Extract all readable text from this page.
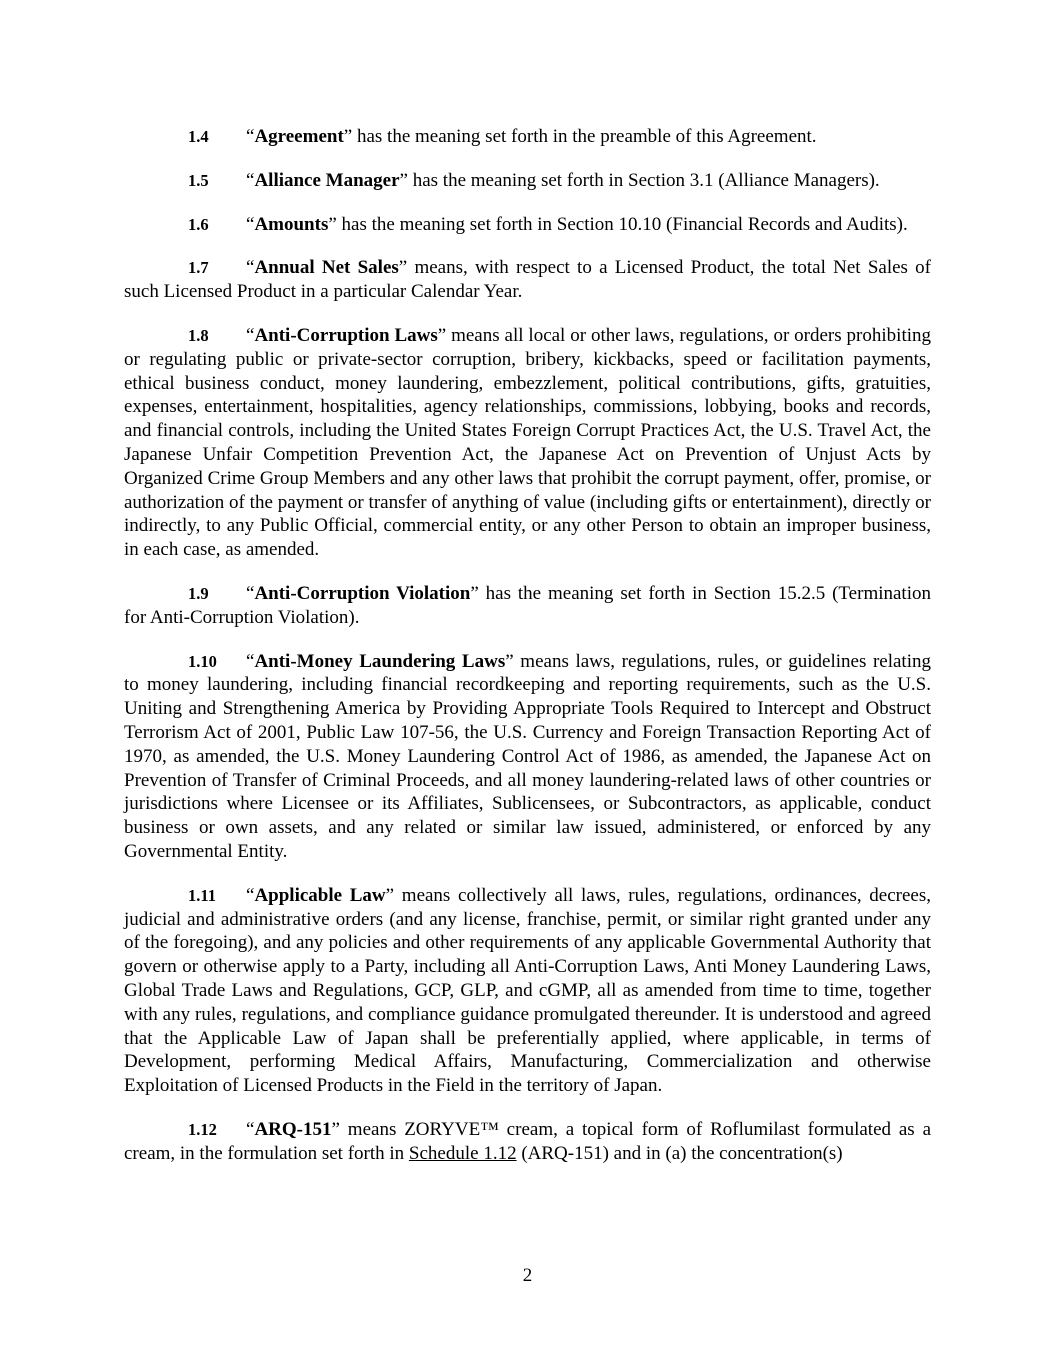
1.4 “Agreement” has the meaning set forth in the preamble of this Agreement.

1.5 “Alliance Manager” has the meaning set forth in Section 3.1 (Alliance Managers).

1.6 “Amounts” has the meaning set forth in Section 10.10 (Financial Records and Audits).

1.7 “Annual Net Sales” means, with respect to a Licensed Product, the total Net Sales of such Licensed Product in a particular Calendar Year.

1.8 “Anti-Corruption Laws” means all local or other laws, regulations, or orders prohibiting or regulating public or private-sector corruption, bribery, kickbacks, speed or facilitation payments, ethical business conduct, money laundering, embezzlement, political contributions, gifts, gratuities, expenses, entertainment, hospitalities, agency relationships, commissions, lobbying, books and records, and financial controls, including the United States Foreign Corrupt Practices Act, the U.S. Travel Act, the Japanese Unfair Competition Prevention Act, the Japanese Act on Prevention of Unjust Acts by Organized Crime Group Members and any other laws that prohibit the corrupt payment, offer, promise, or authorization of the payment or transfer of anything of value (including gifts or entertainment), directly or indirectly, to any Public Official, commercial entity, or any other Person to obtain an improper business, in each case, as amended.

1.9 “Anti-Corruption Violation” has the meaning set forth in Section 15.2.5 (Termination for Anti-Corruption Violation).

1.10 “Anti-Money Laundering Laws” means laws, regulations, rules, or guidelines relating to money laundering, including financial recordkeeping and reporting requirements, such as the U.S. Uniting and Strengthening America by Providing Appropriate Tools Required to Intercept and Obstruct Terrorism Act of 2001, Public Law 107-56, the U.S. Currency and Foreign Transaction Reporting Act of 1970, as amended, the U.S. Money Laundering Control Act of 1986, as amended, the Japanese Act on Prevention of Transfer of Criminal Proceeds, and all money laundering-related laws of other countries or jurisdictions where Licensee or its Affiliates, Sublicensees, or Subcontractors, as applicable, conduct business or own assets, and any related or similar law issued, administered, or enforced by any Governmental Entity.

1.11 “Applicable Law” means collectively all laws, rules, regulations, ordinances, decrees, judicial and administrative orders (and any license, franchise, permit, or similar right granted under any of the foregoing), and any policies and other requirements of any applicable Governmental Authority that govern or otherwise apply to a Party, including all Anti-Corruption Laws, Anti Money Laundering Laws, Global Trade Laws and Regulations, GCP, GLP, and cGMP, all as amended from time to time, together with any rules, regulations, and compliance guidance promulgated thereunder. It is understood and agreed that the Applicable Law of Japan shall be preferentially applied, where applicable, in terms of Development, performing Medical Affairs, Manufacturing, Commercialization and otherwise Exploitation of Licensed Products in the Field in the territory of Japan.

1.12 “ARQ-151” means ZORYVE™ cream, a topical form of Roflumilast formulated as a cream, in the formulation set forth in Schedule 1.12 (ARQ-151) and in (a) the concentration(s)

2
